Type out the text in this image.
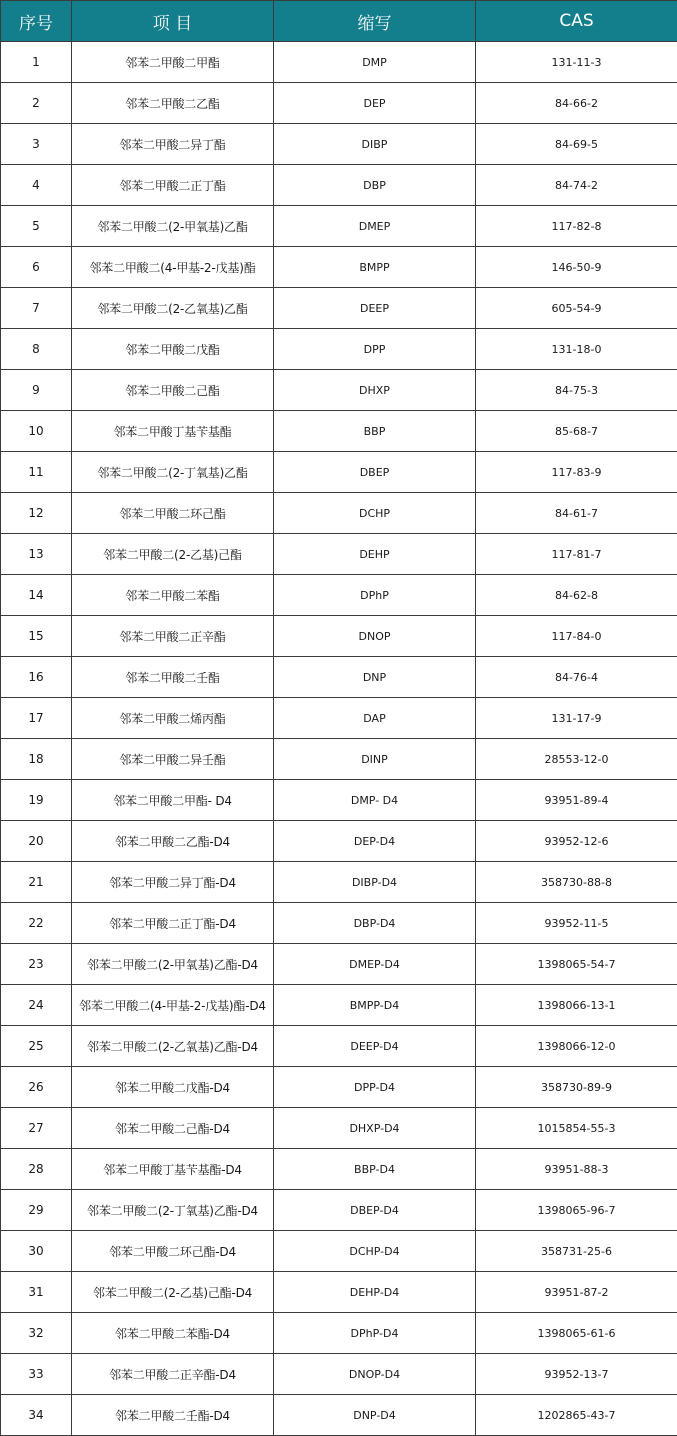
序号	项 目	缩写	CAS
1	邻苯二甲酸二甲酯	DMP	131-11-3
2	邻苯二甲酸二乙酯	DEP	84-66-2
3	邻苯二甲酸二异丁酯	DIBP	84-69-5
4	邻苯二甲酸二正丁酯	DBP	84-74-2
5	邻苯二甲酸二(2-甲氧基)乙酯	DMEP	117-82-8
6	邻苯二甲酸二(4-甲基-2-戊基)酯	BMPP	146-50-9
7	邻苯二甲酸二(2-乙氧基)乙酯	DEEP	605-54-9
8	邻苯二甲酸二戊酯	DPP	131-18-0
9	邻苯二甲酸二己酯	DHXP	84-75-3
10	邻苯二甲酸丁基苄基酯	BBP	85-68-7
11	邻苯二甲酸二(2-丁氧基)乙酯	DBEP	117-83-9
12	邻苯二甲酸二环己酯	DCHP	84-61-7
13	邻苯二甲酸二(2-乙基)己酯	DEHP	117-81-7
14	邻苯二甲酸二苯酯	DPhP	84-62-8
15	邻苯二甲酸二正辛酯	DNOP	117-84-0
16	邻苯二甲酸二壬酯	DNP	84-76-4
17	邻苯二甲酸二烯丙酯	DAP	131-17-9
18	邻苯二甲酸二异壬酯	DINP	28553-12-0
19	邻苯二甲酸二甲酯- D4	DMP- D4	93951-89-4
20	邻苯二甲酸二乙酯-D4	DEP-D4	93952-12-6
21	邻苯二甲酸二异丁酯-D4	DIBP-D4	358730-88-8
22	邻苯二甲酸二正丁酯-D4	DBP-D4	93952-11-5
23	邻苯二甲酸二(2-甲氧基)乙酯-D4	DMEP-D4	1398065-54-7
24	邻苯二甲酸二(4-甲基-2-戊基)酯-D4	BMPP-D4	1398066-13-1
25	邻苯二甲酸二(2-乙氧基)乙酯-D4	DEEP-D4	1398066-12-0
26	邻苯二甲酸二戊酯-D4	DPP-D4	358730-89-9
27	邻苯二甲酸二己酯-D4	DHXP-D4	1015854-55-3
28	邻苯二甲酸丁基苄基酯-D4	BBP-D4	93951-88-3
29	邻苯二甲酸二(2-丁氧基)乙酯-D4	DBEP-D4	1398065-96-7
30	邻苯二甲酸二环己酯-D4	DCHP-D4	358731-25-6
31	邻苯二甲酸二(2-乙基)己酯-D4	DEHP-D4	93951-87-2
32	邻苯二甲酸二苯酯-D4	DPhP-D4	1398065-61-6
33	邻苯二甲酸二正辛酯-D4	DNOP-D4	93952-13-7
34	邻苯二甲酸二壬酯-D4	DNP-D4	1202865-43-7
